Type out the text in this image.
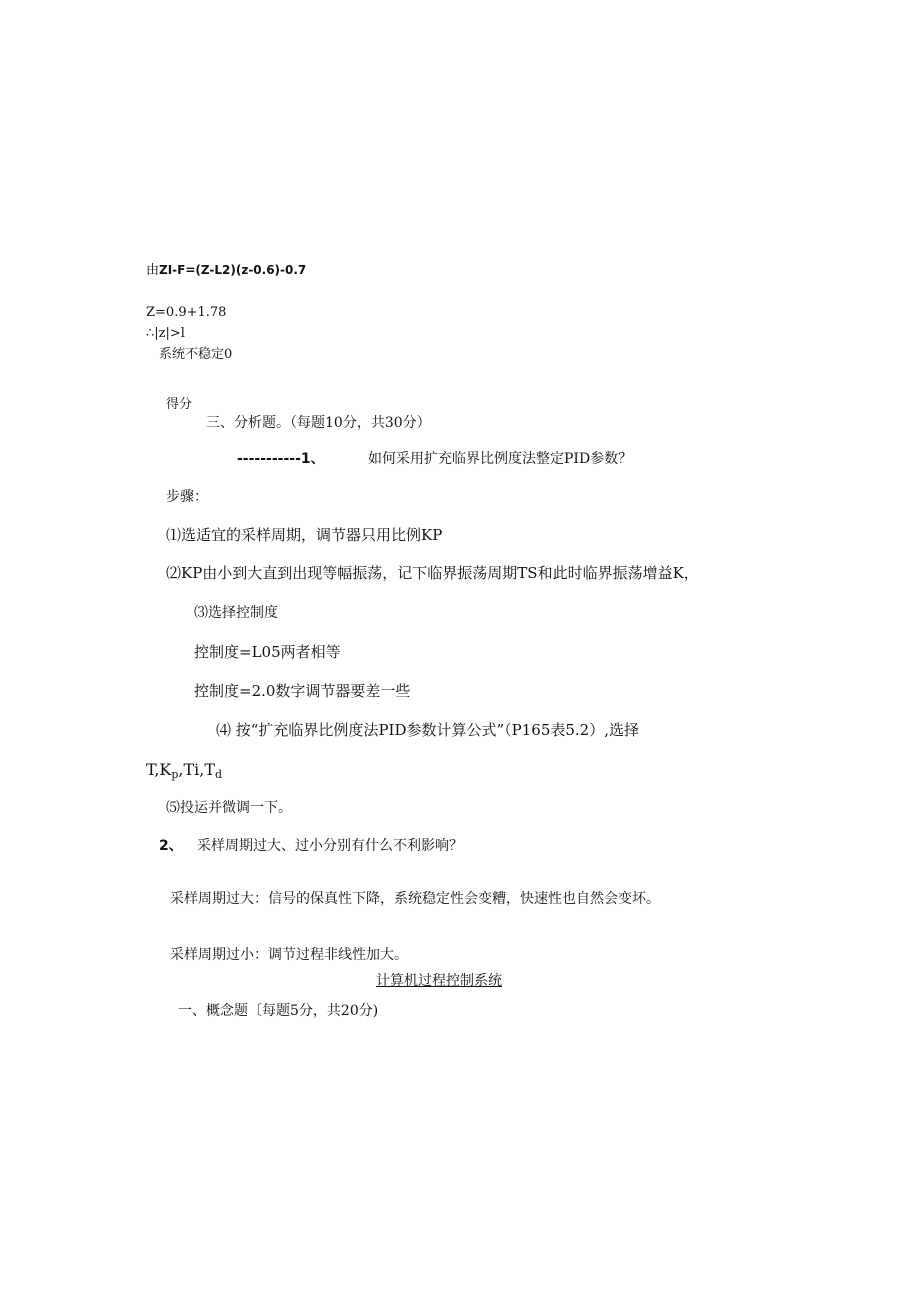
由ZI-F=(Z-L2)(z-0.6)-0.7
Z=0.9+1.78
∴|z|>l
系统不稳定0
得分
三、分析题。（每题10分，共30分）
-----------1、	如何采用扩充临界比例度法整定PID参数？
步骤：
⑴选适宜的采样周期，调节器只用比例KP
⑵KP由小到大直到出现等幅振荡，记下临界振荡周期TS和此时临界振荡增益K，
⑶选择控制度
控制度=L05两者相等
控制度=2.0数字调节器要差一些
⑷ 按“扩充临界比例度法PID参数计算公式”（P165表5.2）,选择
$T,K_p,Ti,T_d$
⑸投运并微调一下。
2、 采样周期过大、过小分别有什么不利影响？
采样周期过大：信号的保真性下降，系统稳定性会变糟，快速性也自然会变坏。
采样周期过小：调节过程非线性加大。
计算机过程控制系统
一、概念题〔每题5分，共20分)
